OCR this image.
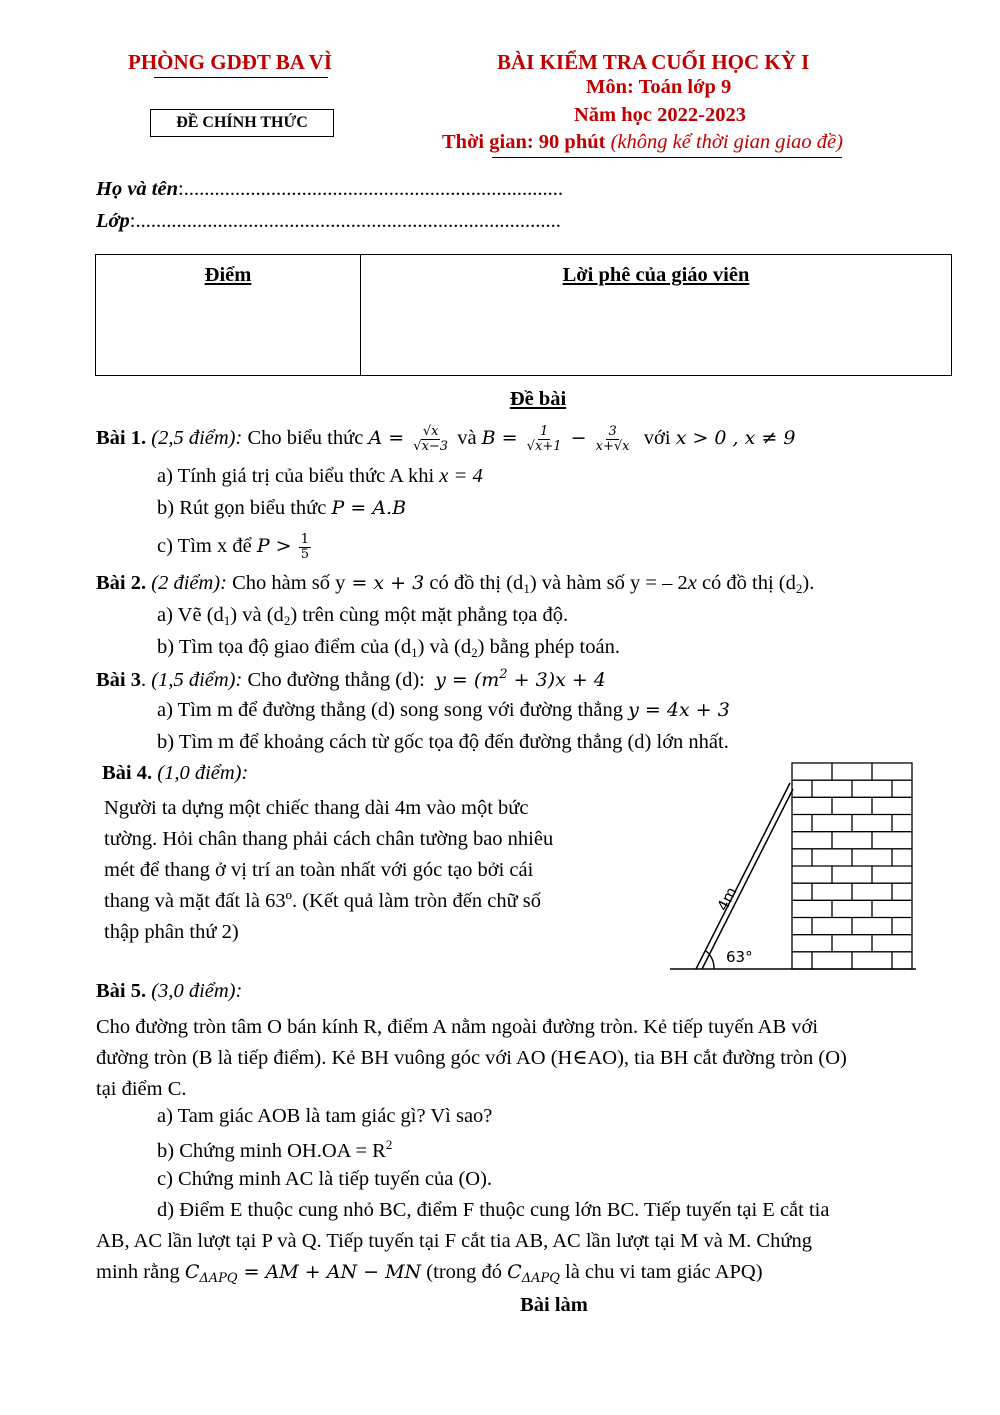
PHÒNG GDĐT BA VÌ
ĐỀ CHÍNH THỨC
BÀI KIỂM TRA CUỐI HỌC KỲ I
Môn: Toán lớp 9
Năm học 2022-2023
Thời gian: 90 phút (không kể thời gian giao đề)
Họ và tên:..........................................................................
Lớp:...................................................................................
Điểm	Lời phê của giáo viên
Đề bài
Bài 1. (2,5 điểm): Cho biểu thức $A = \frac{√x}{√x-3}$ và $B = \frac{1}{√x+1} - \frac{3}{x+√x}$ với x > 0 , x ≠ 9
a) Tính giá trị của biểu thức A khi x = 4
b) Rút gọn biểu thức P = A.B
c) Tìm x để $P > \frac{1}{5}$
Bài 2. (2 điểm): Cho hàm số y = x + 3 có đồ thị $(d_1)$ và hàm số y = – 2x có đồ thị $(d_2)$.
a) Vẽ $(d_1)$ và $(d_2)$ trên cùng một mặt phẳng tọa độ.
b) Tìm tọa độ giao điểm của $(d_1)$ và $(d_2)$ bằng phép toán.
Bài 3. (1,5 điểm): Cho đường thẳng (d): $y = (m^2 + 3)x + 4$
a) Tìm m để đường thẳng (d) song song với đường thẳng y = 4x + 3
b) Tìm m để khoảng cách từ gốc tọa độ đến đường thẳng (d) lớn nhất.
Bài 4. (1,0 điểm):
Người ta dựng một chiếc thang dài 4m vào một bức
tường. Hỏi chân thang phải cách chân tường bao nhiêu
mét để thang ở vị trí an toàn nhất với góc tạo bởi cái
thang và mặt đất là 63º. (Kết quả làm tròn đến chữ số
thập phân thứ 2)
63°
4m
Bài 5. (3,0 điểm):
Cho đường tròn tâm O bán kính R, điểm A nằm ngoài đường tròn. Kẻ tiếp tuyến AB với
đường tròn (B là tiếp điểm). Kẻ BH vuông góc với AO (H∈AO), tia BH cắt đường tròn (O)
tại điểm C.
a) Tam giác AOB là tam giác gì? Vì sao?
b) Chứng minh $OH.OA = R^2$
c) Chứng minh AC là tiếp tuyến của (O).
d) Điểm E thuộc cung nhỏ BC, điểm F thuộc cung lớn BC. Tiếp tuyến tại E cắt tia
AB, AC lần lượt tại P và Q. Tiếp tuyến tại F cắt tia AB, AC lần lượt tại M và M. Chứng
minh rằng $C_{\Delta APQ}$ = AM + AN − MN (trong đó $C_{\Delta APQ}$ là chu vi tam giác APQ)
Bài làm
